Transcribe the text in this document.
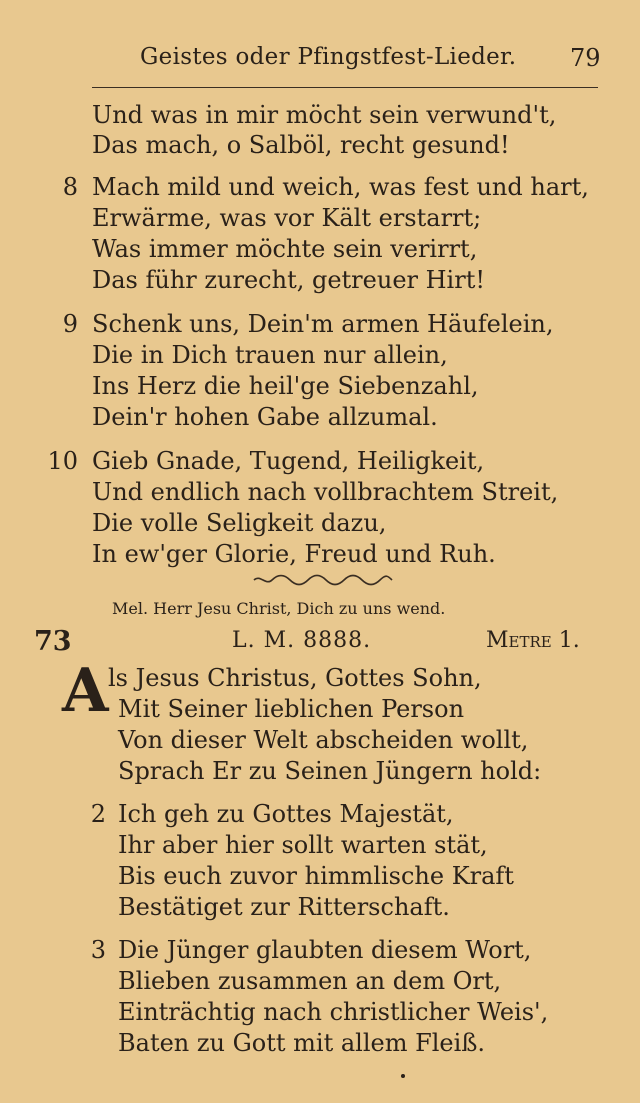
Geistes oder Pfingstfest-Lieder. 79
Und was in mir möcht sein verwund't,
Das mach, o Salböl, recht gesund!
8 Mach mild und weich, was fest und hart,
Erwärme, was vor Kält erstarrt;
Was immer möchte sein verirrt,
Das führ zurecht, getreuer Hirt!
9 Schenk uns, Dein'm armen Häufelein,
Die in Dich trauen nur allein,
Ins Herz die heil'ge Siebenzahl,
Dein'r hohen Gabe allzumal.
10 Gieb Gnade, Tugend, Heiligkeit,
Und endlich nach vollbrachtem Streit,
Die volle Seligkeit dazu,
In ew'ger Glorie, Freud und Ruh.
Mel. Herr Jesu Christ, Dich zu uns wend.
73	L. M. 8888.	Metre 1.
A ls Jesus Christus, Gottes Sohn,
Mit Seiner lieblichen Person
Von dieser Welt abscheiden wollt,
Sprach Er zu Seinen Jüngern hold:
2 Ich geh zu Gottes Majestät,
Ihr aber hier sollt warten stät,
Bis euch zuvor himmlische Kraft
Bestätiget zur Ritterschaft.
3 Die Jünger glaubten diesem Wort,
Blieben zusammen an dem Ort,
Einträchtig nach christlicher Weis',
Baten zu Gott mit allem Fleiß.
